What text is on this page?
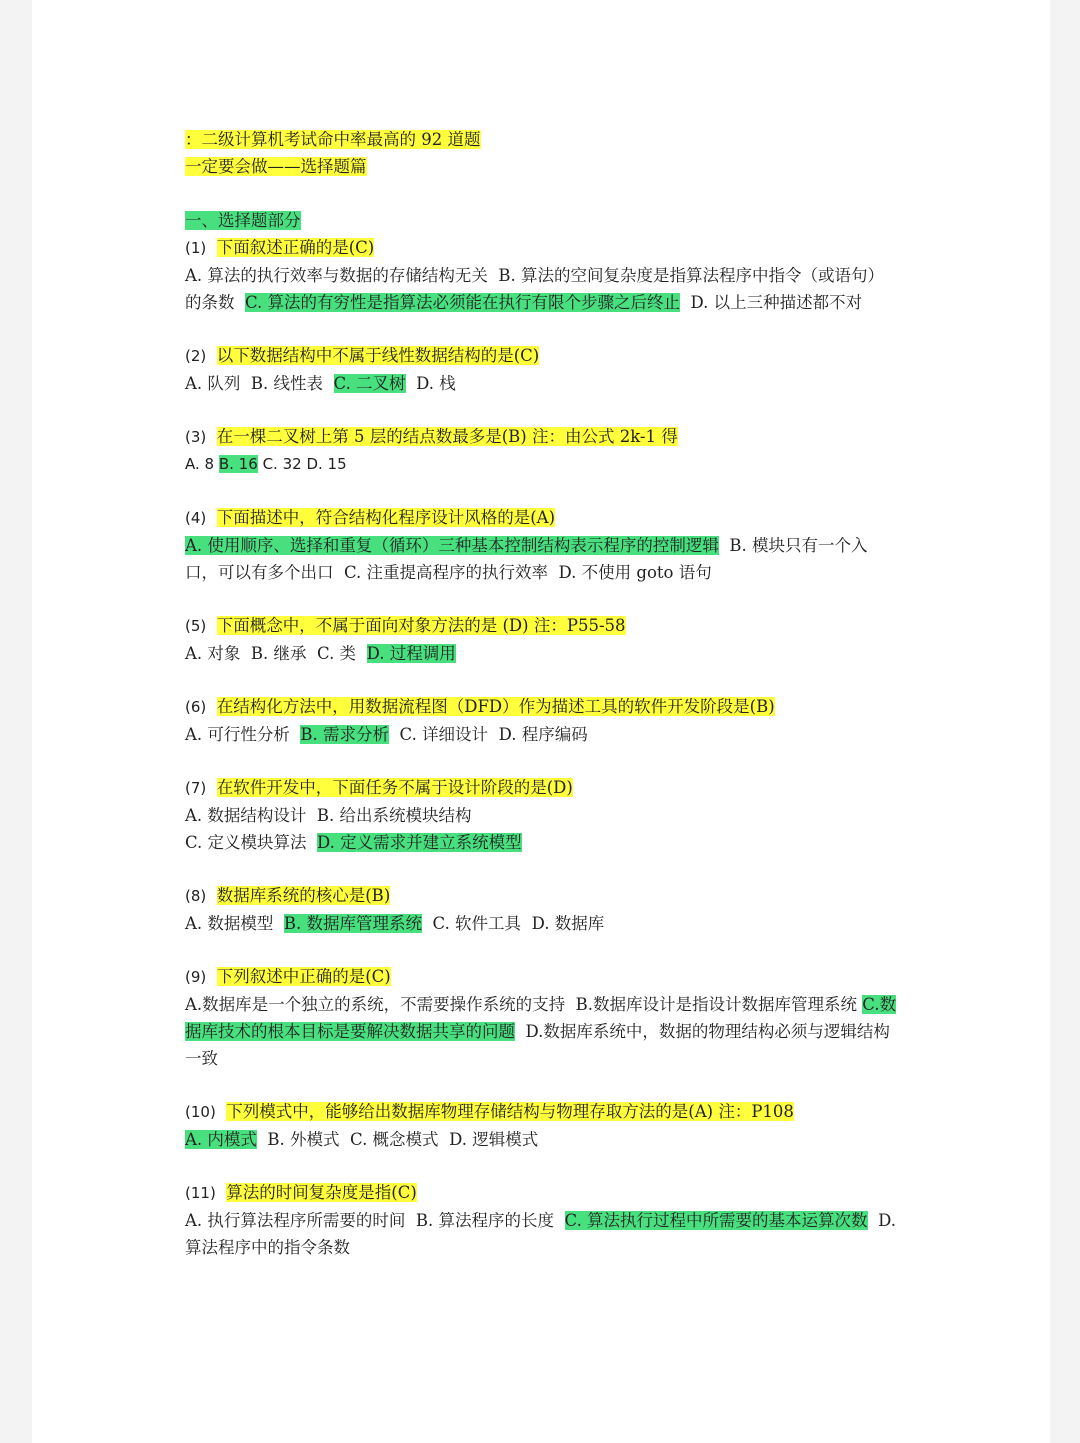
：二级计算机考试命中率最高的 92 道题

一定要会做——选择题篇

一、选择题部分

(1) 下面叙述正确的是(C)

A. 算法的执行效率与数据的存储结构无关 B. 算法的空间复杂度是指算法程序中指令（或语句）的条数 C. 算法的有穷性是指算法必须能在执行有限个步骤之后终止 D. 以上三种描述都不对

(2) 以下数据结构中不属于线性数据结构的是(C)

A. 队列 B. 线性表 C. 二叉树 D. 栈

(3) 在一棵二叉树上第 5 层的结点数最多是(B) 注：由公式 2k-1 得

A. 8 B. 16 C. 32 D. 15

(4) 下面描述中，符合结构化程序设计风格的是(A)

A. 使用顺序、选择和重复（循环）三种基本控制结构表示程序的控制逻辑 B. 模块只有一个入口，可以有多个出口 C. 注重提高程序的执行效率 D. 不使用 goto 语句

(5) 下面概念中，不属于面向对象方法的是 (D) 注：P55-58

A. 对象 B. 继承 C. 类 D. 过程调用

(6) 在结构化方法中，用数据流程图（DFD）作为描述工具的软件开发阶段是(B)

A. 可行性分析 B. 需求分析 C. 详细设计 D. 程序编码

(7) 在软件开发中，下面任务不属于设计阶段的是(D)

A. 数据结构设计 B. 给出系统模块结构

C. 定义模块算法 D. 定义需求并建立系统模型

(8) 数据库系统的核心是(B)

A. 数据模型 B. 数据库管理系统 C. 软件工具 D. 数据库

(9) 下列叙述中正确的是(C)

A.数据库是一个独立的系统，不需要操作系统的支持 B.数据库设计是指设计数据库管理系统 C.数据库技术的根本目标是要解决数据共享的问题 D.数据库系统中，数据的物理结构必须与逻辑结构一致

(10) 下列模式中，能够给出数据库物理存储结构与物理存取方法的是(A) 注：P108

A. 内模式 B. 外模式 C. 概念模式 D. 逻辑模式

(11) 算法的时间复杂度是指(C)

A. 执行算法程序所需要的时间 B. 算法程序的长度 C. 算法执行过程中所需要的基本运算次数 D. 算法程序中的指令条数
